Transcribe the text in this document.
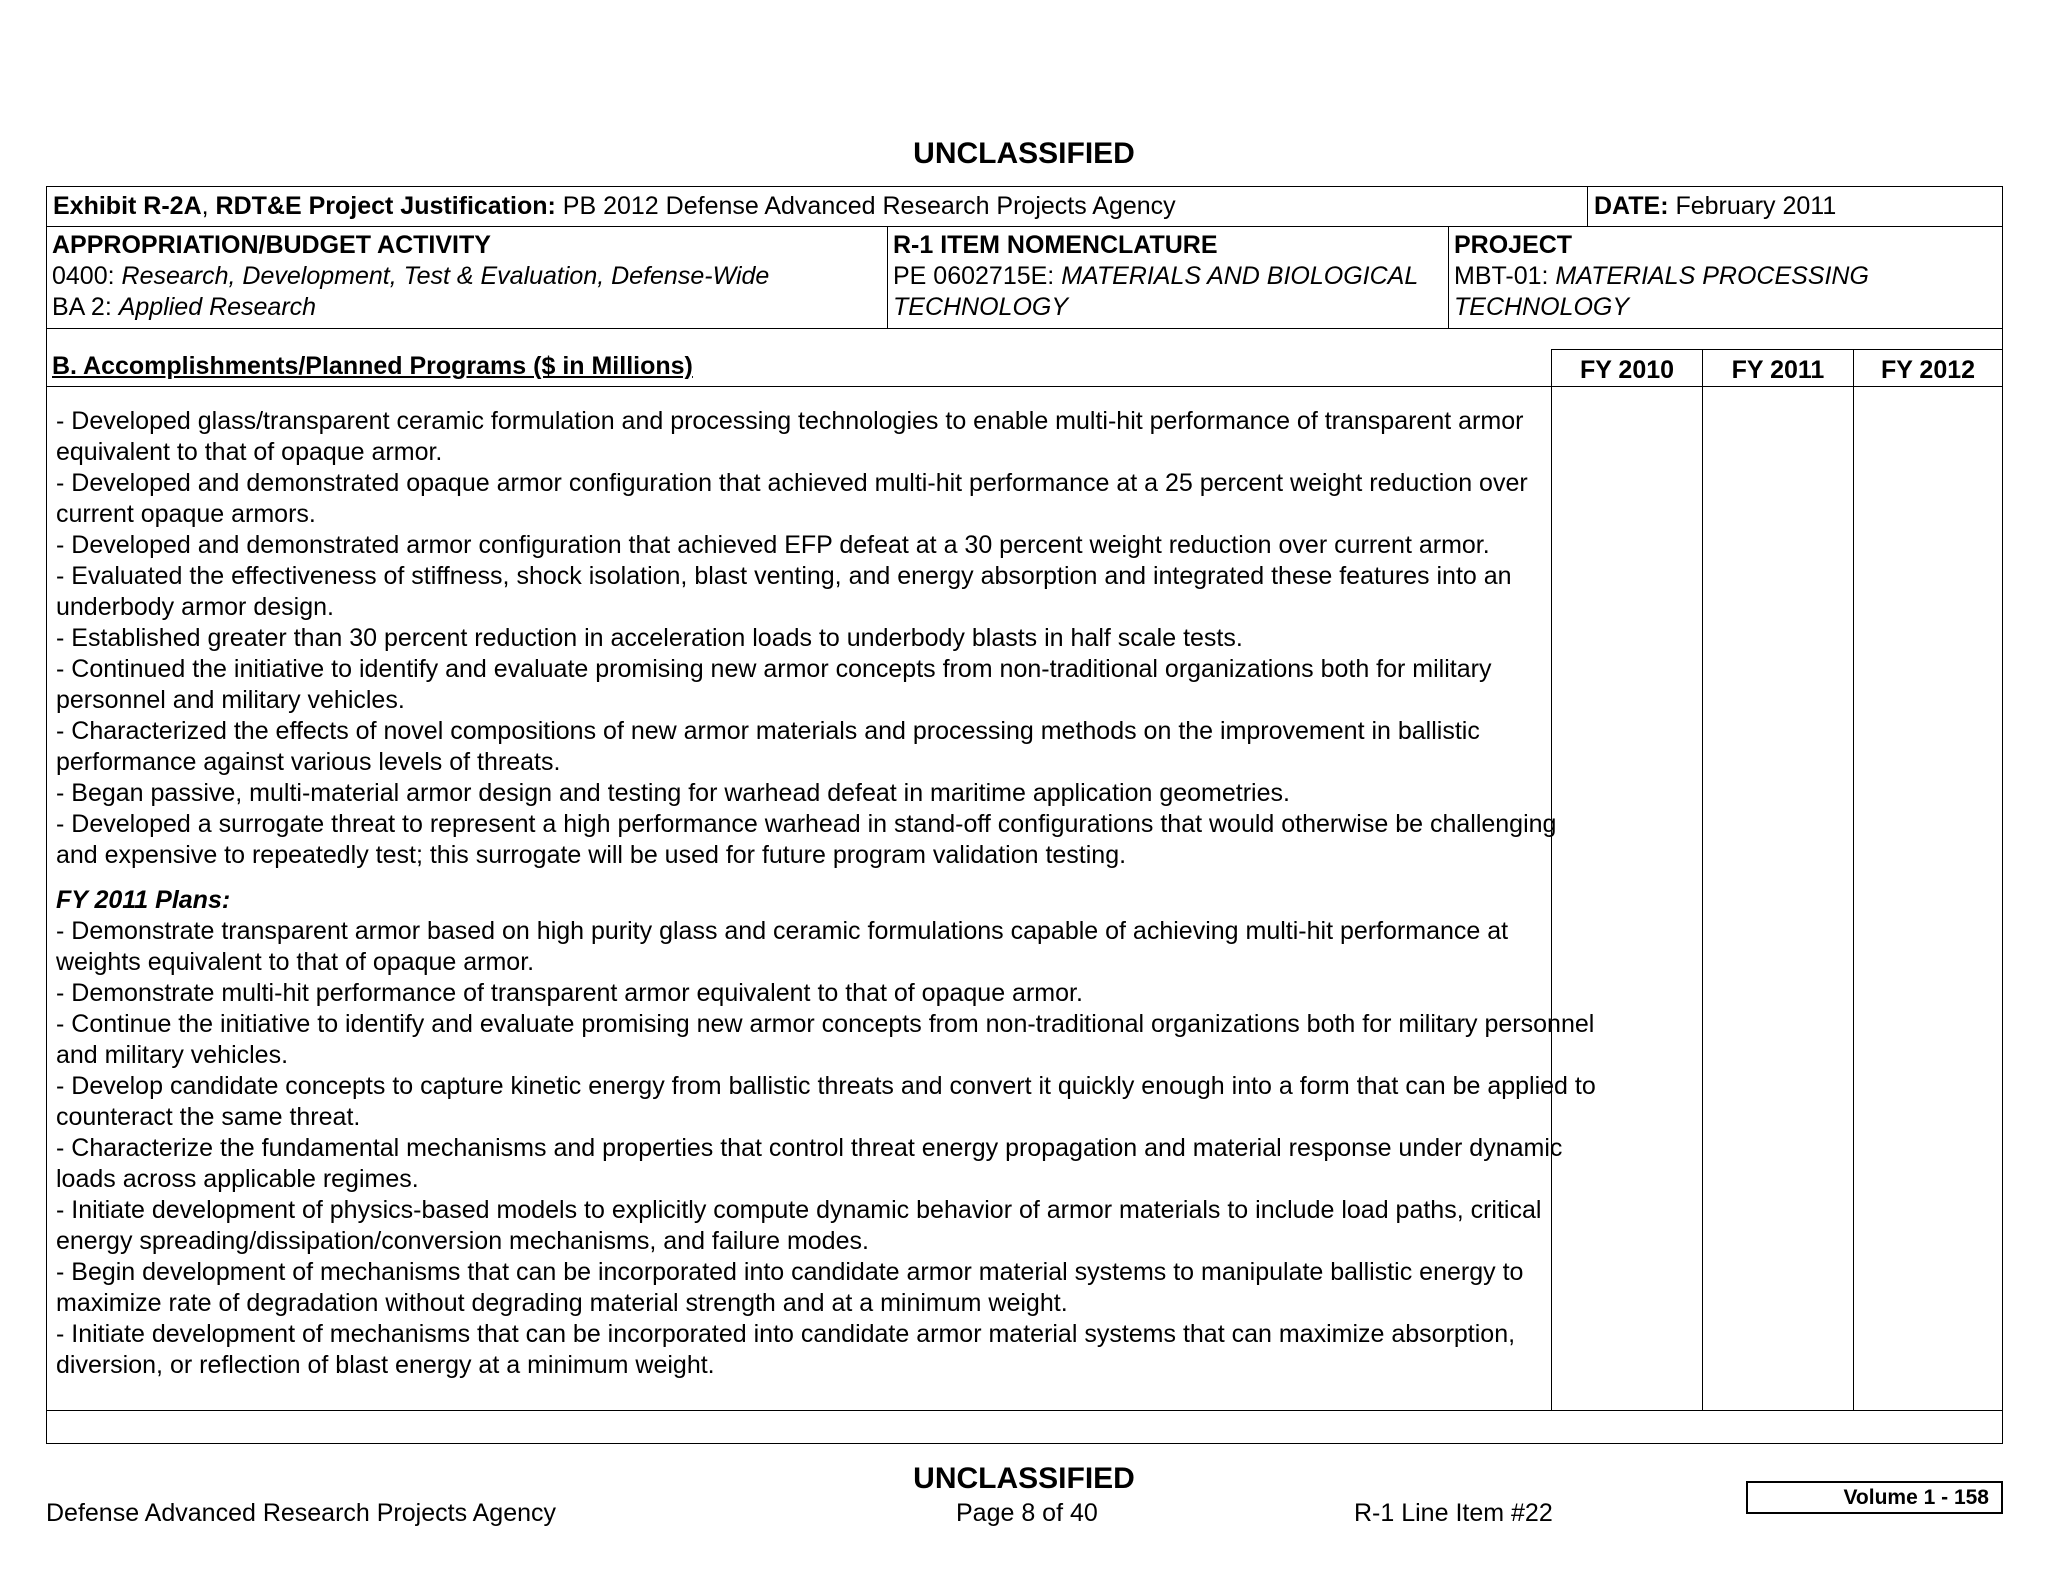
UNCLASSIFIED
Exhibit R-2A, RDT&E Project Justification: PB 2012 Defense Advanced Research Projects Agency	DATE: February 2011
APPROPRIATION/BUDGET ACTIVITY
0400: Research, Development, Test & Evaluation, Defense-Wide
BA 2: Applied Research
R-1 ITEM NOMENCLATURE
PE 0602715E: MATERIALS AND BIOLOGICAL
TECHNOLOGY
PROJECT
MBT-01: MATERIALS PROCESSING
TECHNOLOGY
B. Accomplishments/Planned Programs ($ in Millions)	FY 2010	FY 2011	FY 2012

- Developed glass/transparent ceramic formulation and processing technologies to enable multi-hit performance of transparent armor equivalent to that of opaque armor.

- Developed and demonstrated opaque armor configuration that achieved multi-hit performance at a 25 percent weight reduction over current opaque armors.

- Developed and demonstrated armor configuration that achieved EFP defeat at a 30 percent weight reduction over current armor.

- Evaluated the effectiveness of stiffness, shock isolation, blast venting, and energy absorption and integrated these features into an underbody armor design.

- Established greater than 30 percent reduction in acceleration loads to underbody blasts in half scale tests.

- Continued the initiative to identify and evaluate promising new armor concepts from non-traditional organizations both for military personnel and military vehicles.

- Characterized the effects of novel compositions of new armor materials and processing methods on the improvement in ballistic performance against various levels of threats.

- Began passive, multi-material armor design and testing for warhead defeat in maritime application geometries.

- Developed a surrogate threat to represent a high performance warhead in stand-off configurations that would otherwise be challenging and expensive to repeatedly test; this surrogate will be used for future program validation testing.

FY 2011 Plans:

- Demonstrate transparent armor based on high purity glass and ceramic formulations capable of achieving multi-hit performance at weights equivalent to that of opaque armor.

- Demonstrate multi-hit performance of transparent armor equivalent to that of opaque armor.

- Continue the initiative to identify and evaluate promising new armor concepts from non-traditional organizations both for military personnel and military vehicles.

- Develop candidate concepts to capture kinetic energy from ballistic threats and convert it quickly enough into a form that can be applied to counteract the same threat.

- Characterize the fundamental mechanisms and properties that control threat energy propagation and material response under dynamic loads across applicable regimes.

- Initiate development of physics-based models to explicitly compute dynamic behavior of armor materials to include load paths, critical energy spreading/dissipation/conversion mechanisms, and failure modes.

- Begin development of mechanisms that can be incorporated into candidate armor material systems to manipulate ballistic energy to maximize rate of degradation without degrading material strength and at a minimum weight.

- Initiate development of mechanisms that can be incorporated into candidate armor material systems that can maximize absorption, diversion, or reflection of blast energy at a minimum weight.

UNCLASSIFIED
Defense Advanced Research Projects Agency	Page 8 of 40	R-1 Line Item #22
Volume 1 - 158
